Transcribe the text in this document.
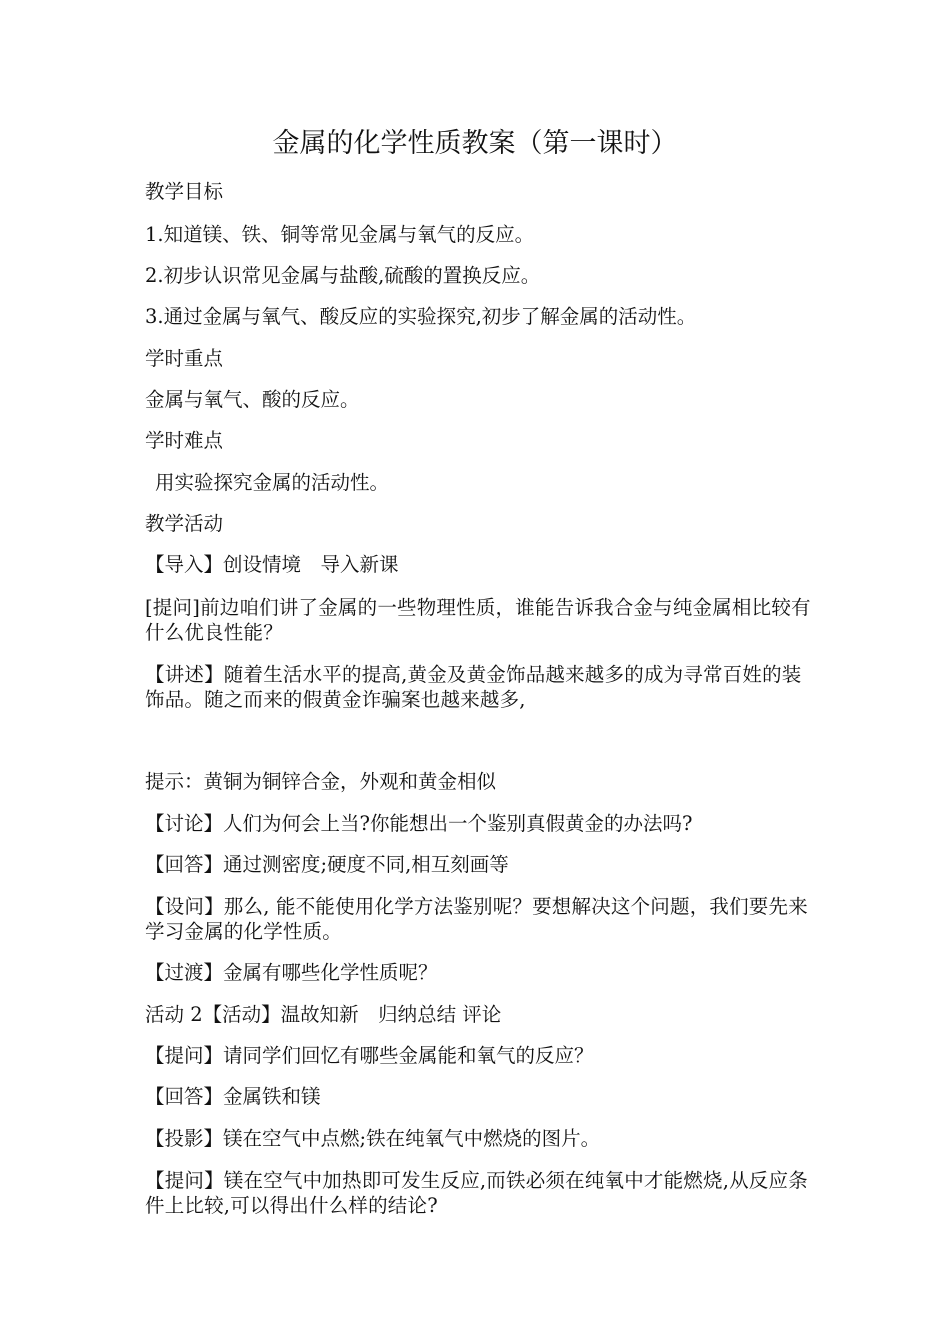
金属的化学性质教案（第一课时）

教学目标

1.知道镁、铁、铜等常见金属与氧气的反应。

2.初步认识常见金属与盐酸,硫酸的置换反应。

3.通过金属与氧气、酸反应的实验探究,初步了解金属的活动性。

学时重点

金属与氧气、酸的反应。

学时难点

用实验探究金属的活动性。

教学活动

【导入】创设情境　导入新课

[提问]前边咱们讲了金属的一些物理性质，谁能告诉我合金与纯金属相比较有什么优良性能？

【讲述】随着生活水平的提高,黄金及黄金饰品越来越多的成为寻常百姓的装饰品。随之而来的假黄金诈骗案也越来越多,

提示：黄铜为铜锌合金，外观和黄金相似

【讨论】人们为何会上当?你能想出一个鉴别真假黄金的办法吗?

【回答】通过测密度;硬度不同,相互刻画等

【设问】那么, 能不能使用化学方法鉴别呢？要想解决这个问题，我们要先来学习金属的化学性质。

【过渡】金属有哪些化学性质呢？

活动 2【活动】温故知新　归纳总结 评论

【提问】请同学们回忆有哪些金属能和氧气的反应？

【回答】金属铁和镁

【投影】镁在空气中点燃;铁在纯氧气中燃烧的图片。

【提问】镁在空气中加热即可发生反应,而铁必须在纯氧中才能燃烧,从反应条件上比较,可以得出什么样的结论?
